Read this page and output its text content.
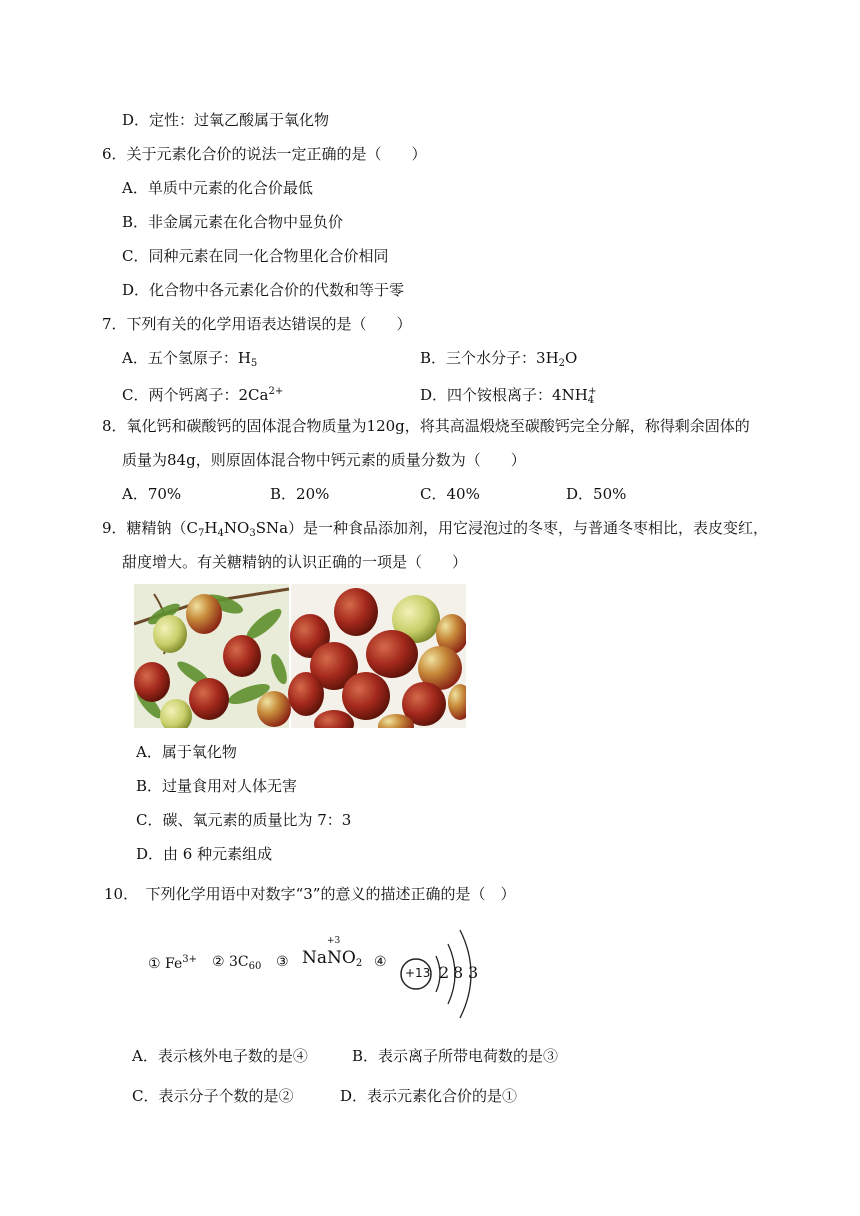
D．定性：过氧乙酸属于氧化物
6．关于元素化合价的说法一定正确的是（　　）
A．单质中元素的化合价最低
B．非金属元素在化合物中显负价
C．同种元素在同一化合物里化合价相同
D．化合物中各元素化合价的代数和等于零
7．下列有关的化学用语表达错误的是（　　）
A．五个氢原子：$H_5$	B．三个水分子：$3H_2O$
C．两个钙离子：$2Ca^{2+}$	D．四个铵根离子：$4NH_4^+$
8．氧化钙和碳酸钙的固体混合物质量为120g，将其高温煅烧至碳酸钙完全分解，称得剩余固体的
质量为84g，则原固体混合物中钙元素的质量分数为（　　）
A．70%	B．20%	C．40%	D．50%
9．糖精钠$(C_7H_4NO_3SNa)$是一种食品添加剂，用它浸泡过的冬枣，与普通冬枣相比，表皮变红，
甜度增大。有关糖精钠的认识正确的一项是（　　）
A．属于氧化物
B．过量食用对人体无害
C．碳、氧元素的质量比为 7：3
D．由 6 种元素组成
10．　下列化学用语中对数字“3”的意义的描述正确的是（　）
① $Fe^{3+}$ ② $3C_{60}$ ③ Na
+3
$NO_2$ ④
+13 2 8 3
A．表示核外电子数的是④	B．表示离子所带电荷数的是③
C．表示分子个数的是②	D．表示元素化合价的是①
